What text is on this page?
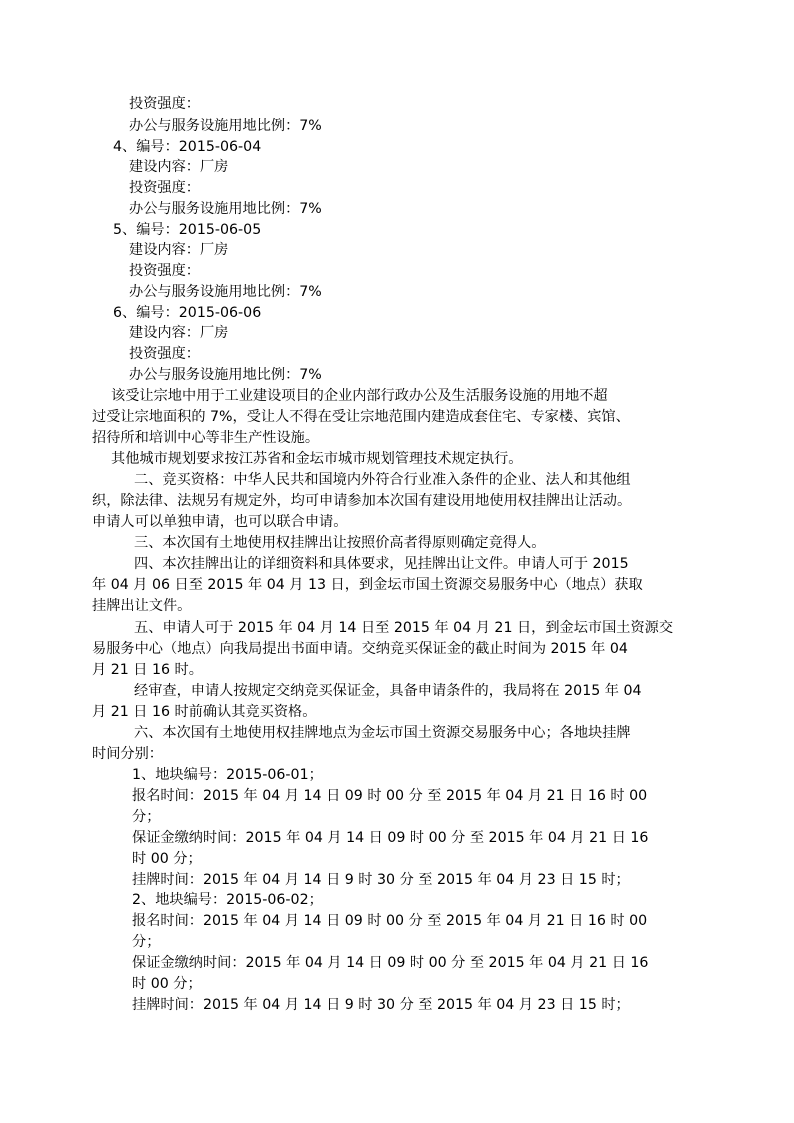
投资强度：
办公与服务设施用地比例：7%
4、编号：2015-06-04
建设内容：厂房
投资强度：
办公与服务设施用地比例：7%
5、编号：2015-06-05
建设内容：厂房
投资强度：
办公与服务设施用地比例：7%
6、编号：2015-06-06
建设内容：厂房
投资强度：
办公与服务设施用地比例：7%
该受让宗地中用于工业建设项目的企业内部行政办公及生活服务设施的用地不超
过受让宗地面积的 7%，受让人不得在受让宗地范围内建造成套住宅、专家楼、宾馆、
招待所和培训中心等非生产性设施。
其他城市规划要求按江苏省和金坛市城市规划管理技术规定执行。
二、竞买资格：中华人民共和国境内外符合行业准入条件的企业、法人和其他组
织，除法律、法规另有规定外，均可申请参加本次国有建设用地使用权挂牌出让活动。
申请人可以单独申请，也可以联合申请。
三、本次国有土地使用权挂牌出让按照价高者得原则确定竞得人。
四、本次挂牌出让的详细资料和具体要求，见挂牌出让文件。申请人可于 2015
年 04 月 06 日至 2015 年 04 月 13 日，到金坛市国土资源交易服务中心（地点）获取
挂牌出让文件。
五、申请人可于 2015 年 04 月 14 日至 2015 年 04 月 21 日，到金坛市国土资源交
易服务中心（地点）向我局提出书面申请。交纳竞买保证金的截止时间为 2015 年 04
月 21 日 16 时。
经审查，申请人按规定交纳竞买保证金，具备申请条件的，我局将在 2015 年 04
月 21 日 16 时前确认其竞买资格。
六、本次国有土地使用权挂牌地点为金坛市国土资源交易服务中心；各地块挂牌
时间分别：
1、地块编号：2015-06-01；
报名时间：2015 年 04 月 14 日 09 时 00 分 至 2015 年 04 月 21 日 16 时 00
分；
保证金缴纳时间：2015 年 04 月 14 日 09 时 00 分 至 2015 年 04 月 21 日 16
时 00 分；
挂牌时间：2015 年 04 月 14 日 9 时 30 分 至 2015 年 04 月 23 日 15 时；
2、地块编号：2015-06-02；
报名时间：2015 年 04 月 14 日 09 时 00 分 至 2015 年 04 月 21 日 16 时 00
分；
保证金缴纳时间：2015 年 04 月 14 日 09 时 00 分 至 2015 年 04 月 21 日 16
时 00 分；
挂牌时间：2015 年 04 月 14 日 9 时 30 分 至 2015 年 04 月 23 日 15 时；
